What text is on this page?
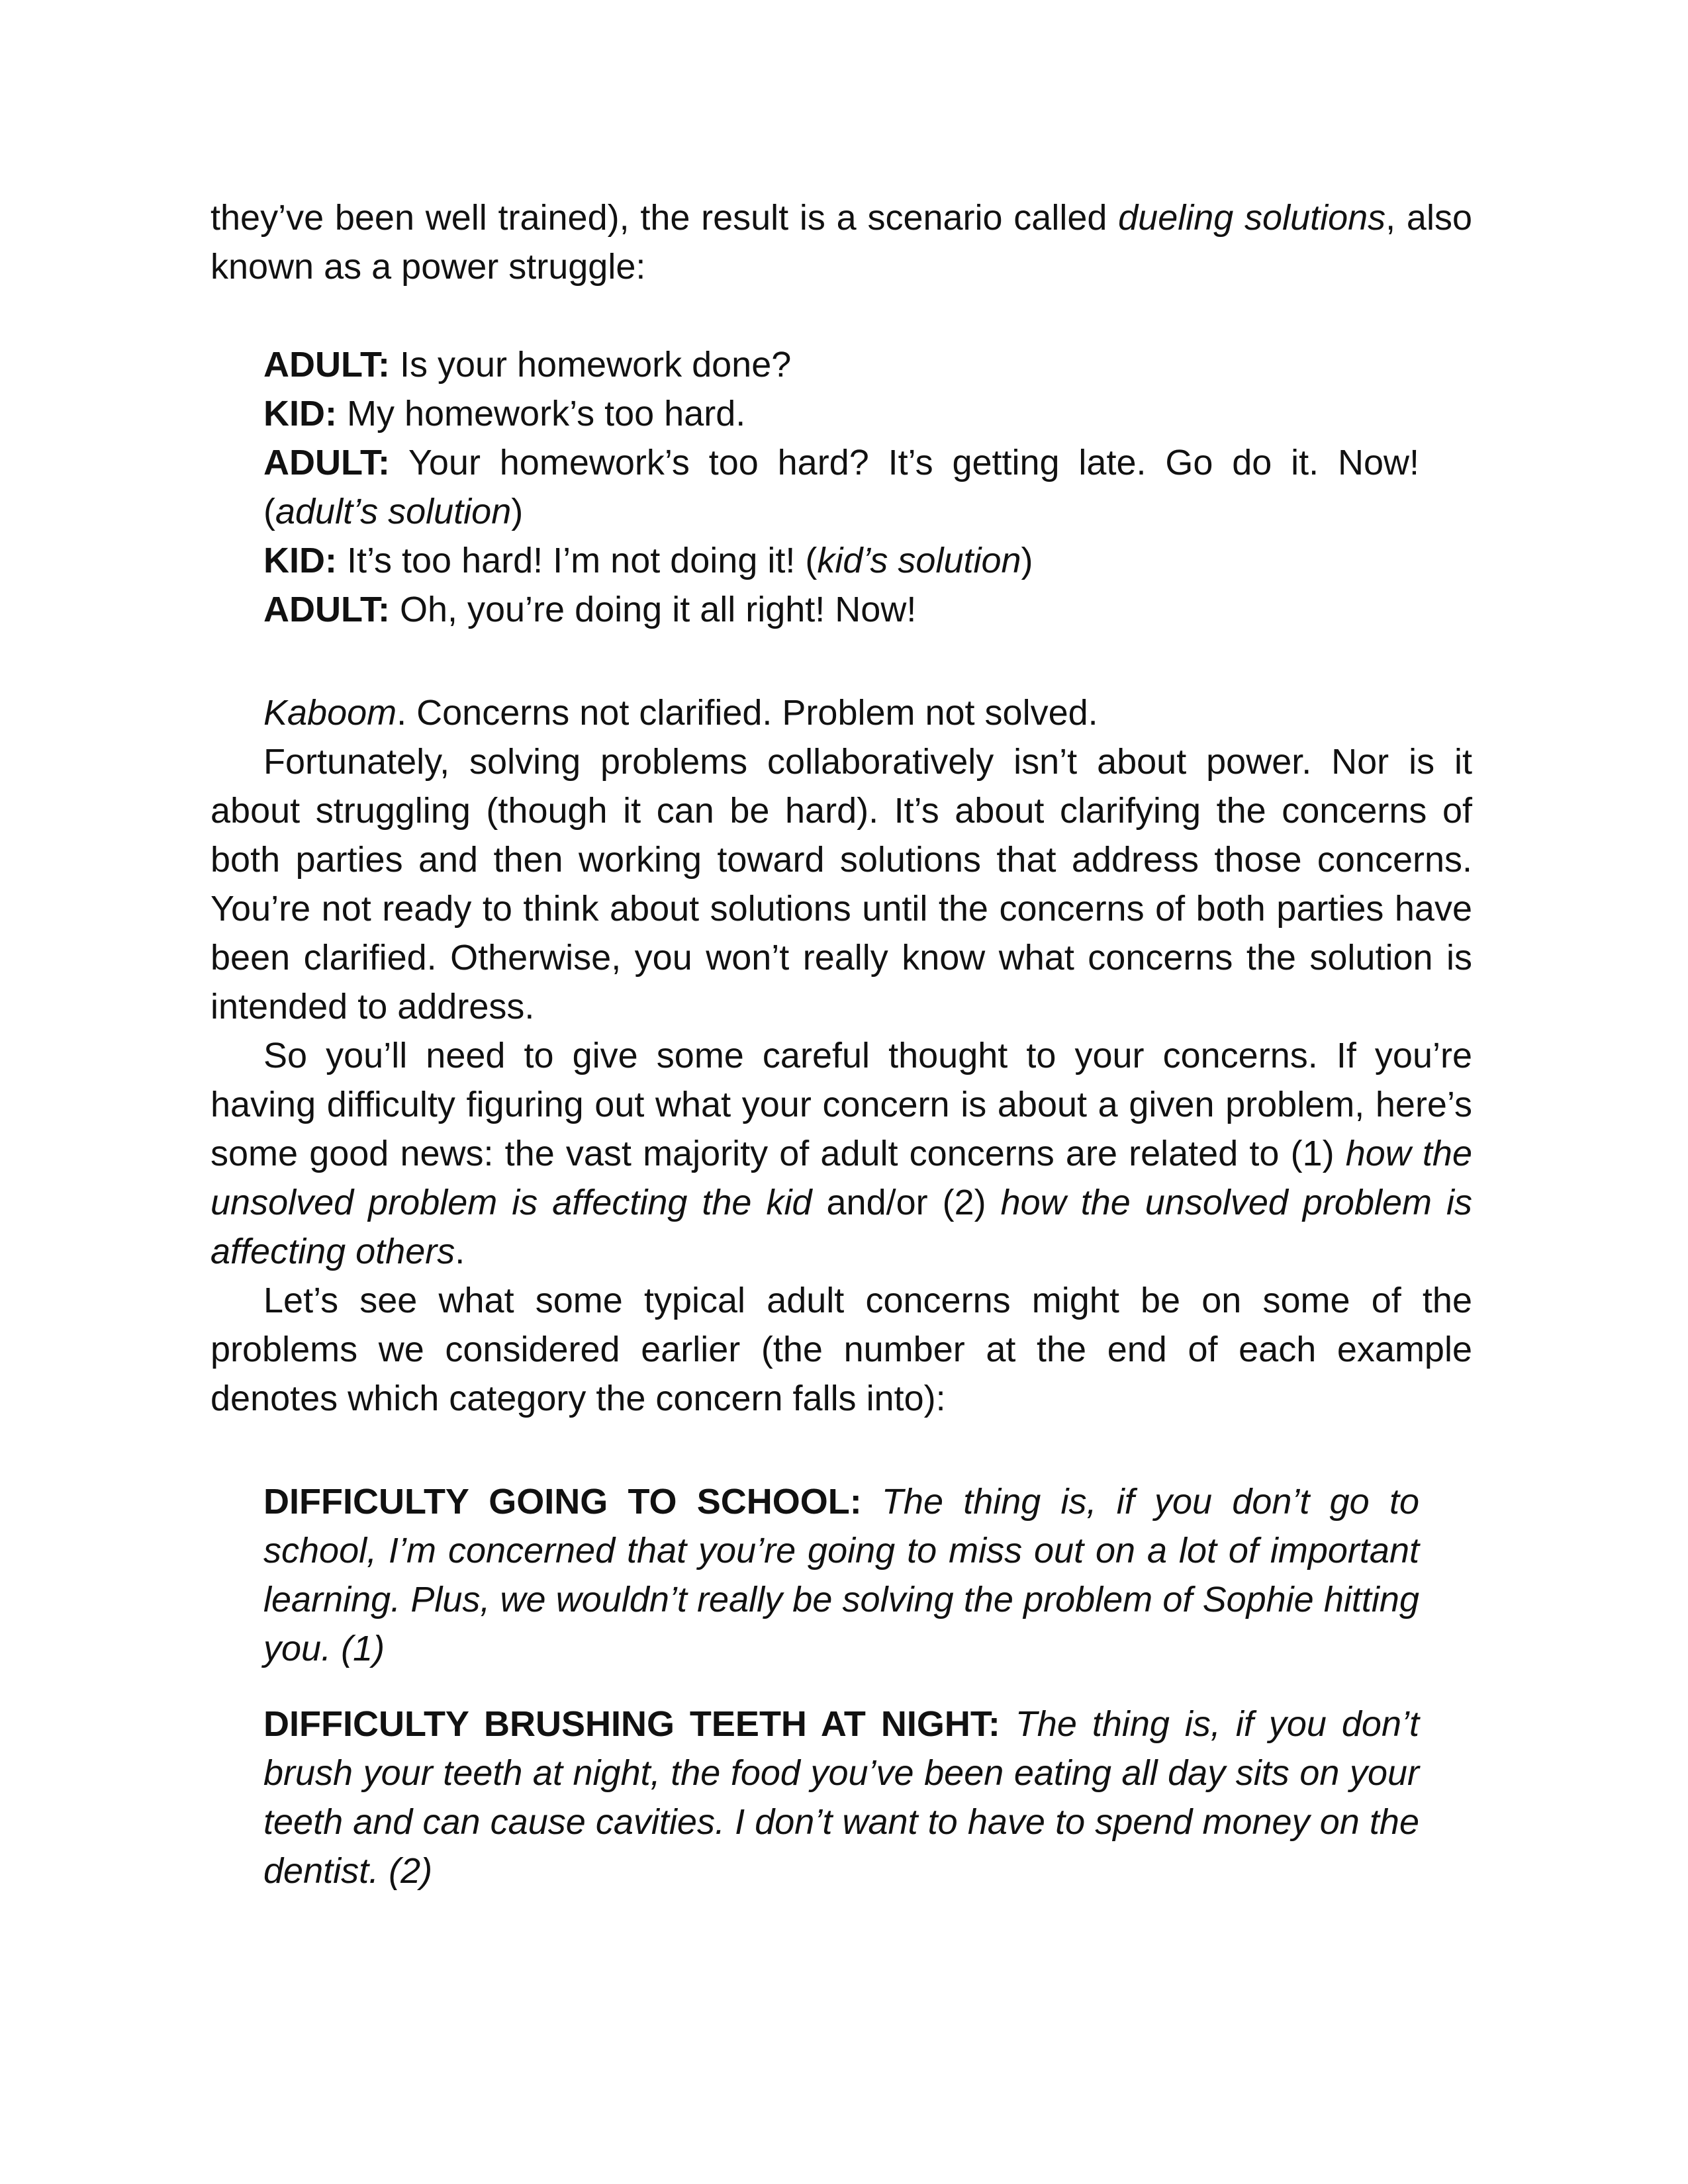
they’ve been well trained), the result is a scenario called dueling solutions, also known as a power struggle:

ADULT: Is your homework done?

KID: My homework’s too hard.

ADULT: Your homework’s too hard? It’s getting late. Go do it. Now! (adult’s solution)

KID: It’s too hard! I’m not doing it! (kid’s solution)

ADULT: Oh, you’re doing it all right! Now!

Kaboom. Concerns not clarified. Problem not solved.

Fortunately, solving problems collaboratively isn’t about power. Nor is it about struggling (though it can be hard). It’s about clarifying the concerns of both parties and then working toward solutions that address those concerns. You’re not ready to think about solutions until the concerns of both parties have been clarified. Otherwise, you won’t really know what concerns the solution is intended to address.

So you’ll need to give some careful thought to your concerns. If you’re having difficulty figuring out what your concern is about a given problem, here’s some good news: the vast majority of adult concerns are related to (1) how the unsolved problem is affecting the kid and/or (2) how the unsolved problem is affecting others.

Let’s see what some typical adult concerns might be on some of the problems we considered earlier (the number at the end of each example denotes which category the concern falls into):

DIFFICULTY GOING TO SCHOOL: The thing is, if you don’t go to school, I’m concerned that you’re going to miss out on a lot of important learning. Plus, we wouldn’t really be solving the problem of Sophie hitting you. (1)

DIFFICULTY BRUSHING TEETH AT NIGHT: The thing is, if you don’t brush your teeth at night, the food you’ve been eating all day sits on your teeth and can cause cavities. I don’t want to have to spend money on the dentist. (2)
